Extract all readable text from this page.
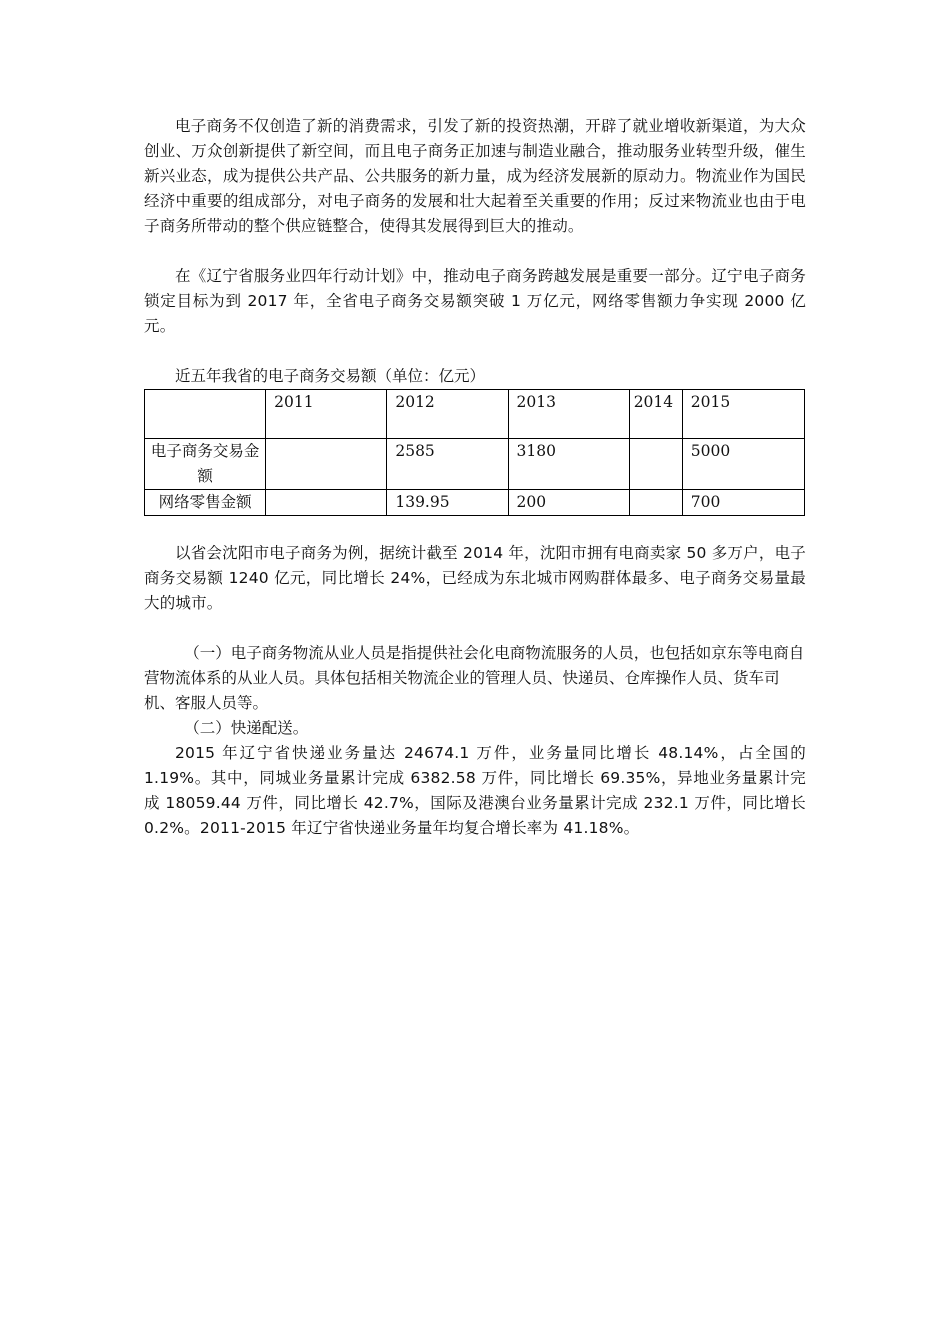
电子商务不仅创造了新的消费需求，引发了新的投资热潮，开辟了就业增收新渠道，为大众创业、万众创新提供了新空间，而且电子商务正加速与制造业融合，推动服务业转型升级，催生新兴业态，成为提供公共产品、公共服务的新力量，成为经济发展新的原动力。物流业作为国民经济中重要的组成部分，对电子商务的发展和壮大起着至关重要的作用；反过来物流业也由于电子商务所带动的整个供应链整合，使得其发展得到巨大的推动。

在《辽宁省服务业四年行动计划》中，推动电子商务跨越发展是重要一部分。辽宁电子商务锁定目标为到 2017 年，全省电子商务交易额突破 1 万亿元，网络零售额力争实现 2000 亿元。

近五年我省的电子商务交易额（单位：亿元）

	2011	2012	2013	2014	2015
电子商务交易金额		2585	3180		5000
网络零售金额		139.95	200		700

以省会沈阳市电子商务为例，据统计截至 2014 年，沈阳市拥有电商卖家 50 多万户，电子商务交易额 1240 亿元，同比增长 24%，已经成为东北城市网购群体最多、电子商务交易量最大的城市。

（一）电子商务物流从业人员是指提供社会化电商物流服务的人员，也包括如京东等电商自营物流体系的从业人员。具体包括相关物流企业的管理人员、快递员、仓库操作人员、货车司机、客服人员等。

（二）快递配送。

2015 年辽宁省快递业务量达 24674.1 万件，业务量同比增长 48.14%，占全国的 1.19%。其中，同城业务量累计完成 6382.58 万件，同比增长 69.35%，异地业务量累计完成 18059.44 万件，同比增长 42.7%，国际及港澳台业务量累计完成 232.1 万件，同比增长 0.2%。2011-2015 年辽宁省快递业务量年均复合增长率为 41.18%。
